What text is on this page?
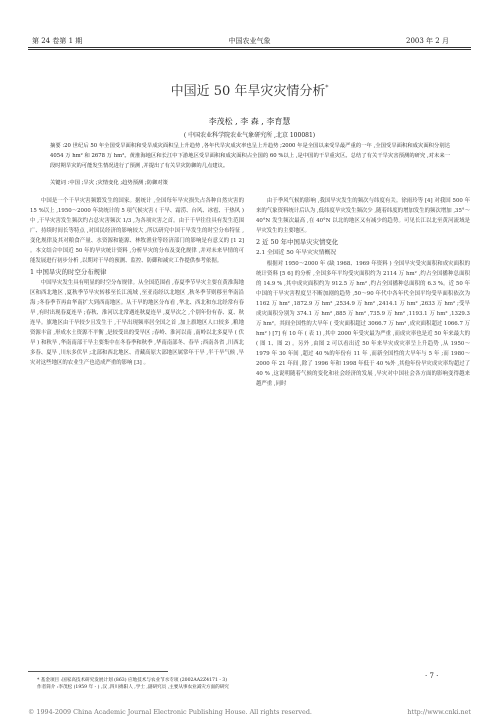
第 24 卷第 1 期	中国农业气象	2003 年 2 月
中国近 50 年旱灾灾情分析*
李茂松 , 李 森 , 李育慧
( 中国农业科学院农业气象研究所 ,北京 100081)

摘要 :20 世纪后 50 年全国受旱面积和受旱成灾面积呈上升趋势 ,各年代旱灾成灾率也呈上升趋势 ;2000 年是全国以来受旱最严重的一年 ,全国受旱面积和成灾面积分别达 4054 万 hm² 和 2678 万 hm²。黄淮海地区和长江中下游地区受旱面积和成灾面积占全国的 60 %以上 ,是中国的干旱重灾区。总结了有关干旱灾害预测的研究 ,对未来一段时期旱灾的可能发生情况进行了预测 ,并提出了有关旱灾防御的几点建议。

关键词 :中国 ;旱灾 ;灾情变化 ;趋势预测 ;防御对策

中国是一个干旱灾害频繁发生的国家。据统计 ,全国每年旱灾损失占各种自然灾害的 15 %以上 ,1950～2000 年块统计的 5 项气候灾害 ( 干旱、霜涝、台风、冰雹、干热风 ) 中 ,干旱灾害发生频次约占总灾害频次 1/3 ,为各项灾害之首。由于干旱往往具有发生范围广、持续时间长等特点 ,对国民经济的影响较大 ,所以研究中国干旱发生的时空分布特征 ,变化规律及其对粮食产量、水资源和能源、林牧渔业等经济部门的影响是有意义的 [1 2] 。本文结合中国近 50 年的旱灾统计资料 ,分析旱灾的分布及变化规律 ,并对未来旱情的可能发展进行初步分析 ,以期对干旱的预测、监控、防御和减灾工作提供参考依据。

1 中国旱灾的时空分布规律

中国旱灾发生具有明显的时空分布规律。从全国范围看 ,春夏季节旱灾主要在黄淮海地区和西北地区 ,夏秋季节旱灾转移至长江流域 ,至亚南经以北地区 ,秋冬季节则移至华南沿海 ;冬春季节再由华南扩大到西南地区。从干旱的地区分布看 ,华北、西北和东北经常有春旱 ,有时出现春夏连旱 ;春秋、淮河以北常遇连秋夏连旱 ,夏旱次之 ,个别年份有春、夏、秋连旱。旗地区由干旱较少且发生于 ,干旱出现频率居全国之首 ,加上旗地区人口较多 ,粮地资源丰富 ,形成水土资源不平衡 ,是较受出的受旱区 ;春岭、淮河以南 ,南岭以北多夏旱 ( 伏旱 ) 和秋旱 ,华南南部干旱主要集中在冬春季和秋季 ,华南南部冬、春旱 ;西南各省 ,川西北多春、夏旱 ,川东多伏旱 ;北部和西北地区、青藏高原大部地区属常年干旱 ,半干旱气候 ,旱灾对这些地区的农业生产也造成严重的影响 [3] 。

由于季风气候的影响 ,我国旱灾发生的频次与纬度有关。徐雨玲等 [4] 对我国 500 年来的气象资料统计后认为 ,低纬度旱灾发生频次少 ,随着纬度的增加发生的频次增加 ,35°～40°N 发生频次最高 ,在 40°N 以北的地区又有减少的趋势。可见长江以北至黄河流域是旱灾发生的主要地区。

2 近 50 年中国旱灾灾情变化
2.1 全国近 50 年旱灾灾情概况

根据对 1950～2000 年 (缺 1968、1969 年资料 ) 全国旱灾受灾面积和成灾面积的统计资料 [5 6] 的分析 ,全国多年平均受灾面积约为 2114 万 hm² ,约占全国播种总面积的 14.9 % ,其中成灾面积约为 912.5 万 hm² ,约占全国播种总面积的 6.3 %。近 50 年中国的干旱灾害程度呈不断加剧的趋势 ,50～90 年代中各年代全国平均受旱面积依次为 1162 万 hm² ,1872.9 万 hm² ,2534.9 万 hm² ,2414.1 万 hm² ,2633 万 hm² ;受旱成灾面积分别为 374.1 万 hm² ,885 万 hm² ,735.9 万 hm² ,1193.1 万 hm² ,1329.3 万 hm²。其间全国性的大旱年 ( 受灾面积超过 3066.7 万 hm² ,成灾面积超过 1066.7 万 hm² ) [7] 有 10 年 ( 表 1) ,其中 2000 年受灾最为严重 ,而成灾率也是近 50 年来最大的 ( 图 1、图 2) 。另外 ,由图 2 可以看出近 50 年来旱灾成灾率呈上升趋势 ,从 1950～1979 年 30 年间 ,超过 40 %的年份有 11 年 ,而新全国性的大旱年与 5 年 ;而 1980～2000 年 21 年间 ,除了 1996 年和 1998 年低于 40 %外 ,其他年份旱灾成灾率均超过了 40 % ,这说明随着气候的变化和社会经济的发展 ,旱灾对中国社会各方面的影响变得越来越严重 ,同时

* 基金项目 :国家高技术研究发展计划 (863) 应地技术与农业节水专项 (2002AA2Z4171 - 3)
作者简介 :李茂松 (1959 年 - ) ,汉 ,四川绵阳人 ,学士 ,副研究员 ,主要从事农业减灾方面的研究
· 7 ·
© 1994-2009 China Academic Journal Electronic Publishing House. All rights reserved.	http://www.cnki.net
